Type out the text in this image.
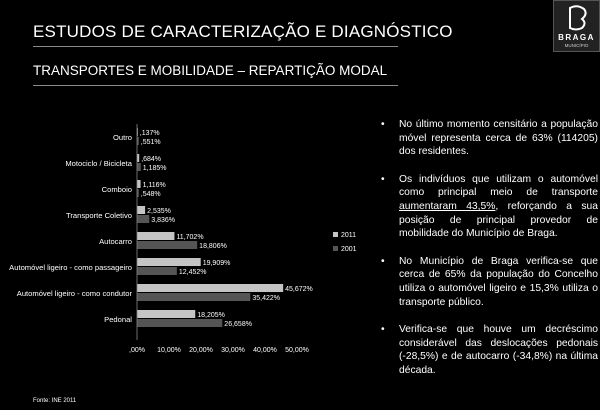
ESTUDOS DE CARACTERIZAÇÃO E DIAGNÓSTICO
TRANSPORTES E MOBILIDADE – REPARTIÇÃO MODAL
BRAGA
MUNICÍPIO
Outro ,137%
,551%
Motociclo / Bicicleta ,684%
1,185%
Comboio 1,116%
,548%
Transporte Coletivo 2,535%
3,836%
Autocarro	11,702%
18,806%
Automóvel ligeiro - como passageiro	19,909%
12,452%
Automóvel ligeiro - como condutor	45,672%
35,422%
Pedonal	18,205%
26,658%
,00% 10,00% 20,00% 30,00% 40,00% 50,00%
2011
2001
• No último momento censitário a população móvel representa cerca de 63% (114205) dos residentes.
• Os indivíduos que utilizam o automóvel como principal meio de transporte aumentaram 43,5%, reforçando a sua posição de principal provedor de mobilidade do Município de Braga.
• No Município de Braga verifica-se que cerca de 65% da população do Concelho utiliza o automóvel ligeiro e 15,3% utiliza o transporte público.
• Verifica-se que houve um decréscimo considerável das deslocações pedonais (-28,5%) e de autocarro (-34,8%) na última década.
Fonte: INE 2011
